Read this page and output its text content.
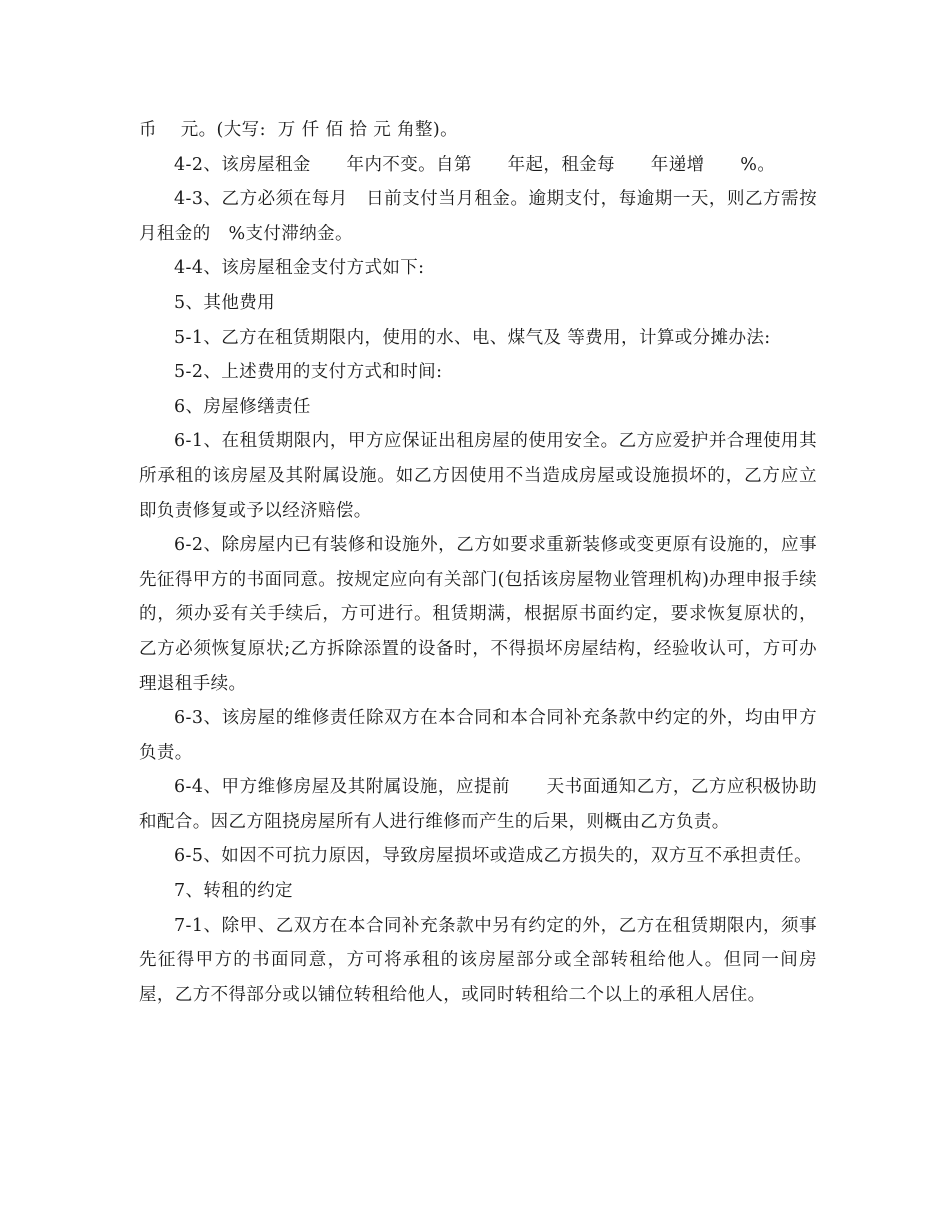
币    元。(大写:  万 仟 佰 拾 元 角整)。

4-2、该房屋租金      年内不变。自第      年起，租金每      年递增      %。

4-3、乙方必须在每月   日前支付当月租金。逾期支付，每逾期一天，则乙方需按月租金的   %支付滞纳金。

4-4、该房屋租金支付方式如下:

5、其他费用

5-1、乙方在租赁期限内，使用的水、电、煤气及 等费用，计算或分摊办法:

5-2、上述费用的支付方式和时间:

6、房屋修缮责任

6-1、在租赁期限内，甲方应保证出租房屋的使用安全。乙方应爱护并合理使用其所承租的该房屋及其附属设施。如乙方因使用不当造成房屋或设施损坏的，乙方应立即负责修复或予以经济赔偿。

6-2、除房屋内已有装修和设施外，乙方如要求重新装修或变更原有设施的，应事先征得甲方的书面同意。按规定应向有关部门(包括该房屋物业管理机构)办理申报手续的，须办妥有关手续后，方可进行。租赁期满，根据原书面约定，要求恢复原状的，乙方必须恢复原状;乙方拆除添置的设备时，不得损坏房屋结构，经验收认可，方可办理退租手续。

6-3、该房屋的维修责任除双方在本合同和本合同补充条款中约定的外，均由甲方负责。

6-4、甲方维修房屋及其附属设施，应提前      天书面通知乙方，乙方应积极协助和配合。因乙方阻挠房屋所有人进行维修而产生的后果，则概由乙方负责。

6-5、如因不可抗力原因，导致房屋损坏或造成乙方损失的，双方互不承担责任。

7、转租的约定

7-1、除甲、乙双方在本合同补充条款中另有约定的外，乙方在租赁期限内，须事先征得甲方的书面同意，方可将承租的该房屋部分或全部转租给他人。但同一间房屋，乙方不得部分或以铺位转租给他人，或同时转租给二个以上的承租人居住。
